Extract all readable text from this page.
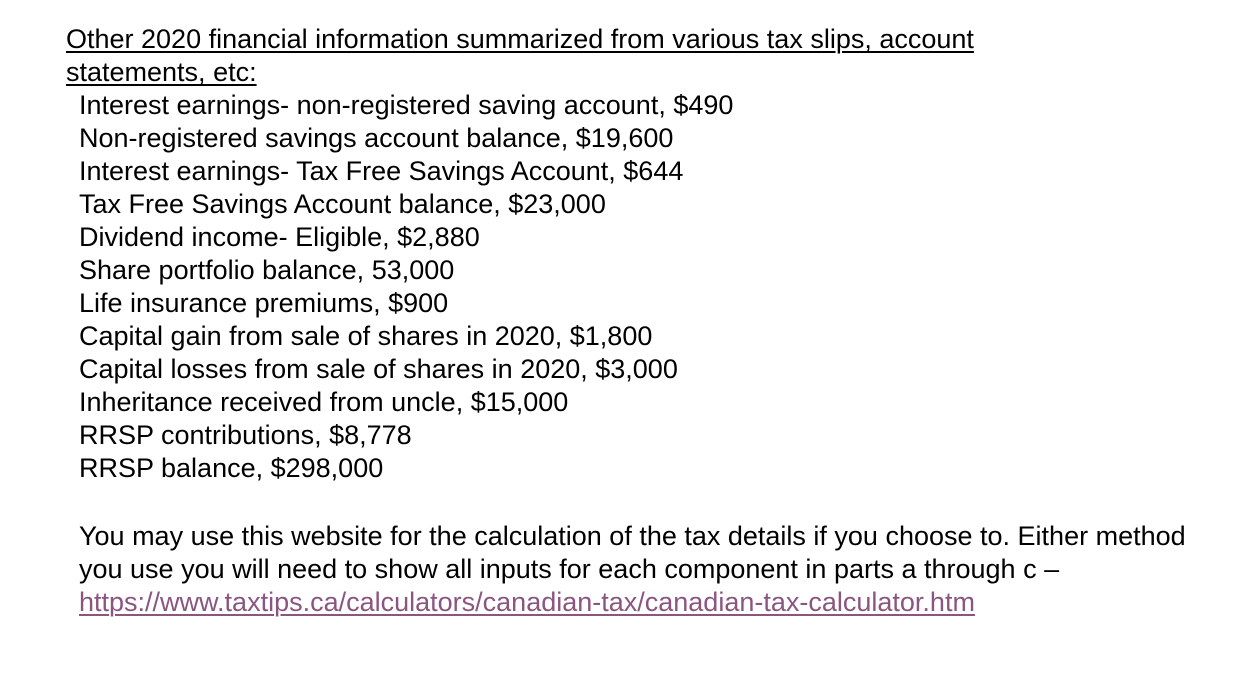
Other 2020 financial information summarized from various tax slips, account statements, etc:
Interest earnings- non-registered saving account, $490
Non-registered savings account balance, $19,600
Interest earnings- Tax Free Savings Account, $644
Tax Free Savings Account balance, $23,000
Dividend income- Eligible, $2,880
Share portfolio balance, 53,000
Life insurance premiums, $900
Capital gain from sale of shares in 2020, $1,800
Capital losses from sale of shares in 2020, $3,000
Inheritance received from uncle, $15,000
RRSP contributions, $8,778
RRSP balance, $298,000

You may use this website for the calculation of the tax details if you choose to. Either method you use you will need to show all inputs for each component in parts a through c – https://www.taxtips.ca/calculators/canadian-tax/canadian-tax-calculator.htm
